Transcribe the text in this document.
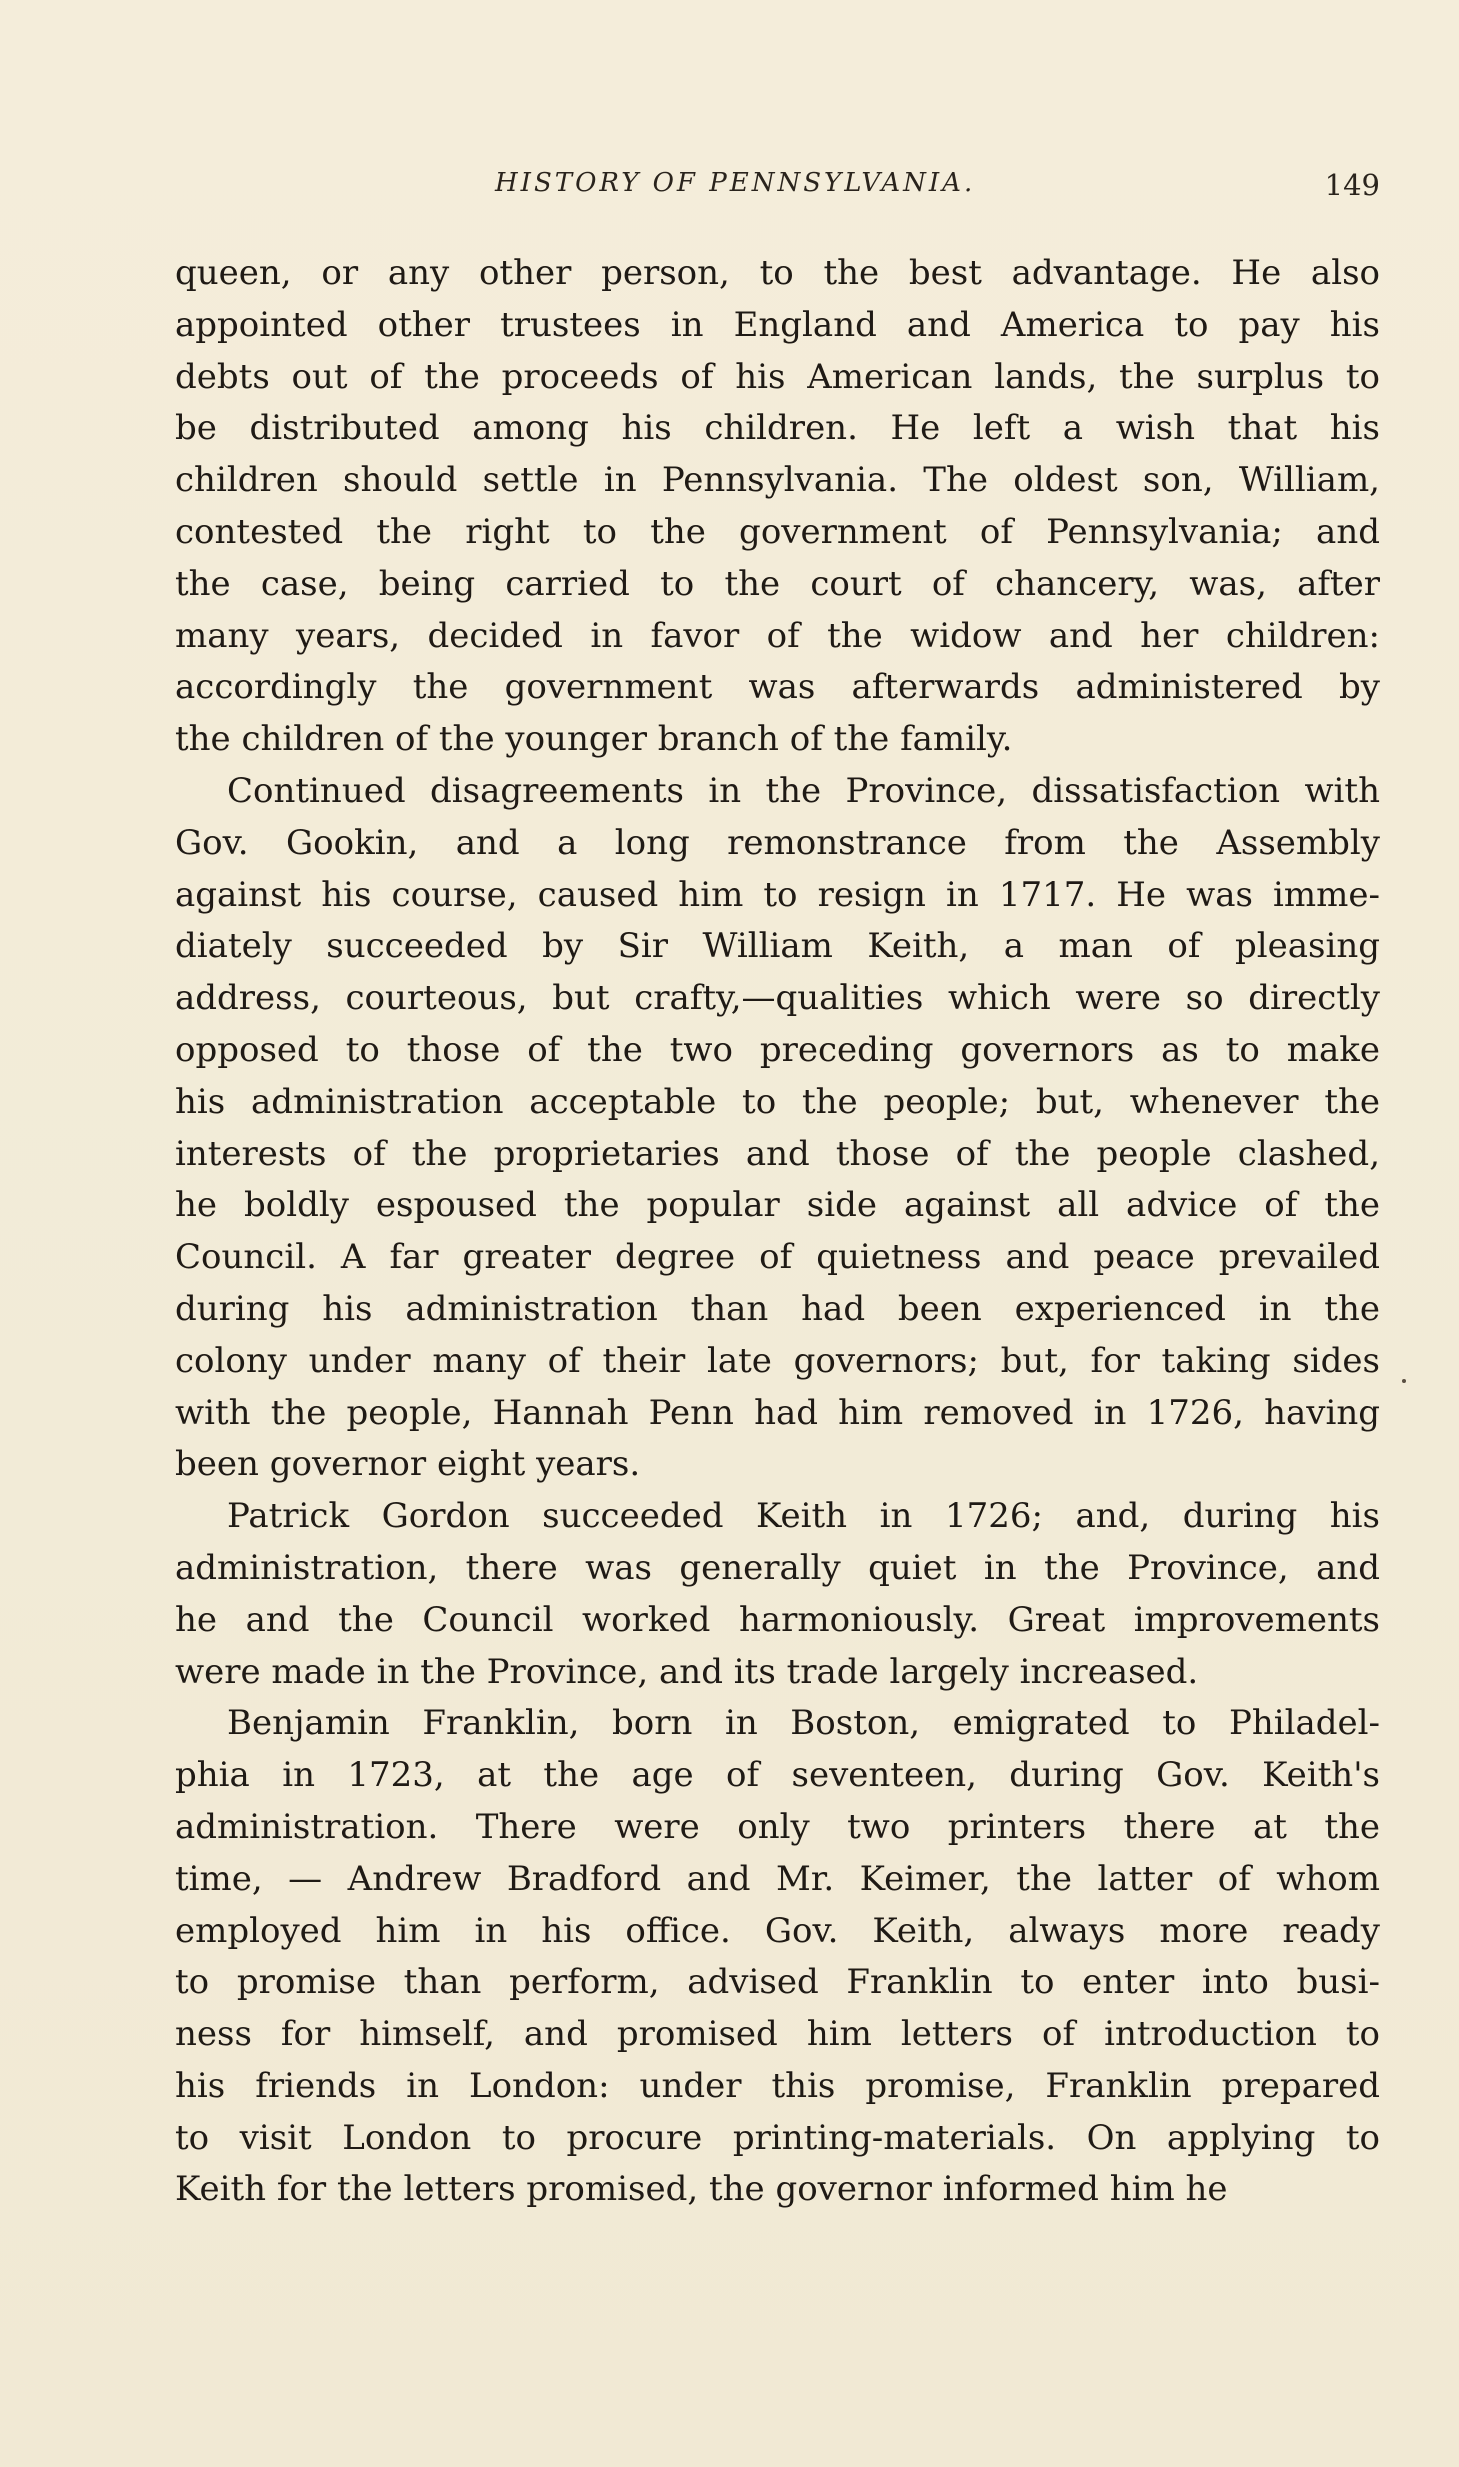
HISTORY OF PENNSYLVANIA.	149
queen, or any other person, to the best advantage. He also
appointed other trustees in England and America to pay his
debts out of the proceeds of his American lands, the surplus to
be distributed among his children. He left a wish that his
children should settle in Pennsylvania. The oldest son, William,
contested the right to the government of Pennsylvania; and
the case, being carried to the court of chancery, was, after
many years, decided in favor of the widow and her children:
accordingly the government was afterwards administered by
the children of the younger branch of the family.
Continued disagreements in the Province, dissatisfaction with
Gov. Gookin, and a long remonstrance from the Assembly
against his course, caused him to resign in 1717. He was imme-
diately succeeded by Sir William Keith, a man of pleasing
address, courteous, but crafty,—qualities which were so directly
opposed to those of the two preceding governors as to make
his administration acceptable to the people; but, whenever the
interests of the proprietaries and those of the people clashed,
he boldly espoused the popular side against all advice of the
Council. A far greater degree of quietness and peace prevailed
during his administration than had been experienced in the
colony under many of their late governors; but, for taking sides
with the people, Hannah Penn had him removed in 1726, having
been governor eight years.
Patrick Gordon succeeded Keith in 1726; and, during his
administration, there was generally quiet in the Province, and
he and the Council worked harmoniously. Great improvements
were made in the Province, and its trade largely increased.
Benjamin Franklin, born in Boston, emigrated to Philadel-
phia in 1723, at the age of seventeen, during Gov. Keith's
administration. There were only two printers there at the
time, — Andrew Bradford and Mr. Keimer, the latter of whom
employed him in his office. Gov. Keith, always more ready
to promise than perform, advised Franklin to enter into busi-
ness for himself, and promised him letters of introduction to
his friends in London: under this promise, Franklin prepared
to visit London to procure printing-materials. On applying to
Keith for the letters promised, the governor informed him he
